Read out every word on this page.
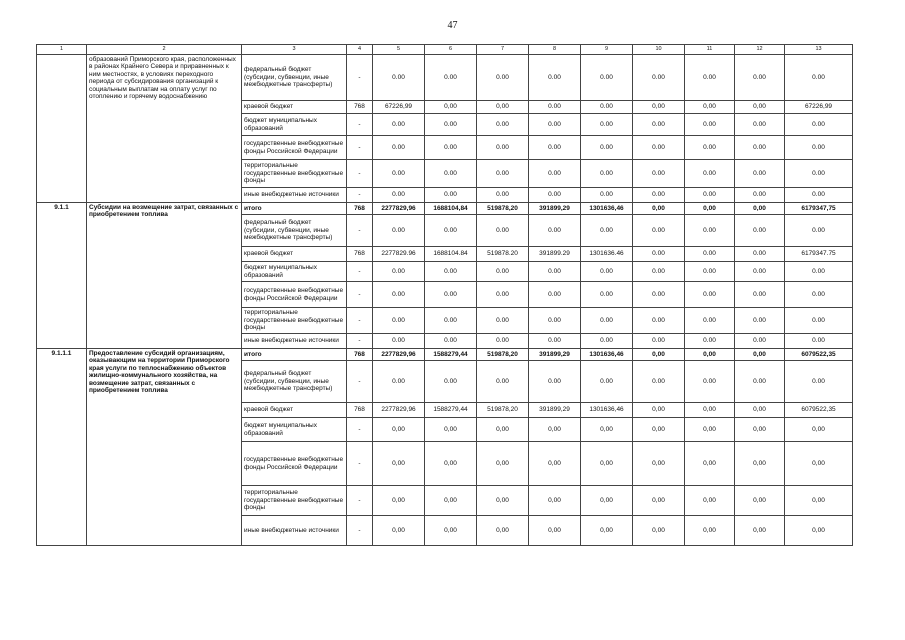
47
1	2	3	4	5	6	7	8	9	10	11	12	13
	образований Приморского края, расположенных в районах Крайнего Севера и приравненных к ним местностях, в условиях переходного периода от субсидирования организаций к социальным выплатам на оплату услуг по отоплению и горячему водоснабжению	федеральный бюджет (субсидии, субвенции, иные межбюджетные трансферты)	-	0.00	0.00	0.00	0.00	0.00	0.00	0.00	0.00	0.00
		краевой бюджет	768	67226,99	0,00	0,00	0.00	0.00	0,00	0,00	0,00	67226,99
		бюджет муниципальных образований	-	0.00	0.00	0.00	0.00	0.00	0.00	0.00	0.00	0.00
		государственные внебюджетные фонды Российской Федерации	-	0.00	0.00	0.00	0.00	0.00	0.00	0.00	0.00	0.00
		территориальные государственные внебюджетные фонды	-	0.00	0.00	0.00	0.00	0.00	0.00	0.00	0.00	0.00
		иные внебюджетные источники	-	0.00	0.00	0.00	0.00	0.00	0.00	0.00	0.00	0.00
9.1.1	Субсидии на возмещение затрат, связанных с приобретением топлива	итого	768	2277829,96	1688104,84	519878,20	391899,29	1301636,46	0,00	0,00	0,00	6179347,75
		федеральный бюджет (субсидии, субвенции, иные межбюджетные трансферты)	-	0.00	0.00	0.00	0.00	0.00	0.00	0.00	0.00	0.00
		краевой бюджет	768	2277829.96	1688104.84	519878.20	391899.29	1301636.46	0.00	0.00	0.00	6179347.75
		бюджет муниципальных образований	-	0.00	0.00	0.00	0.00	0.00	0.00	0.00	0.00	0.00
		государственные внебюджетные фонды Российской Федерации	-	0.00	0.00	0.00	0.00	0.00	0.00	0.00	0.00	0.00
		территориальные государственные внебюджетные фонды	-	0.00	0.00	0.00	0.00	0.00	0.00	0.00	0.00	0.00
		иные внебюджетные источники	-	0.00	0.00	0.00	0.00	0.00	0.00	0.00	0.00	0.00
9.1.1.1	Предоставление субсидий организациям, оказывающим на территории Приморского края услуги по теплоснабжению объектов жилищно-коммунального хозяйства, на возмещение затрат, связанных с приобретением топлива	итого	768	2277829,96	1588279,44	519878,20	391899,29	1301636,46	0,00	0,00	0,00	6079522,35
		федеральный бюджет (субсидии, субвенции, иные межбюджетные трансферты)	-	0.00	0.00	0.00	0.00	0.00	0.00	0.00	0.00	0.00
		краевой бюджет	768	2277829,96	1588279,44	519878,20	391899,29	1301636,46	0,00	0,00	0,00	6079522,35
		бюджет муниципальных образований	-	0,00	0,00	0,00	0,00	0,00	0,00	0,00	0,00	0,00
		государственные внебюджетные фонды Российской Федерации	-	0,00	0,00	0,00	0,00	0,00	0,00	0,00	0,00	0,00
		территориальные государственные внебюджетные фонды	-	0,00	0,00	0,00	0,00	0,00	0,00	0,00	0,00	0,00
		иные внебюджетные источники	-	0,00	0,00	0,00	0,00	0,00	0,00	0,00	0,00	0,00
